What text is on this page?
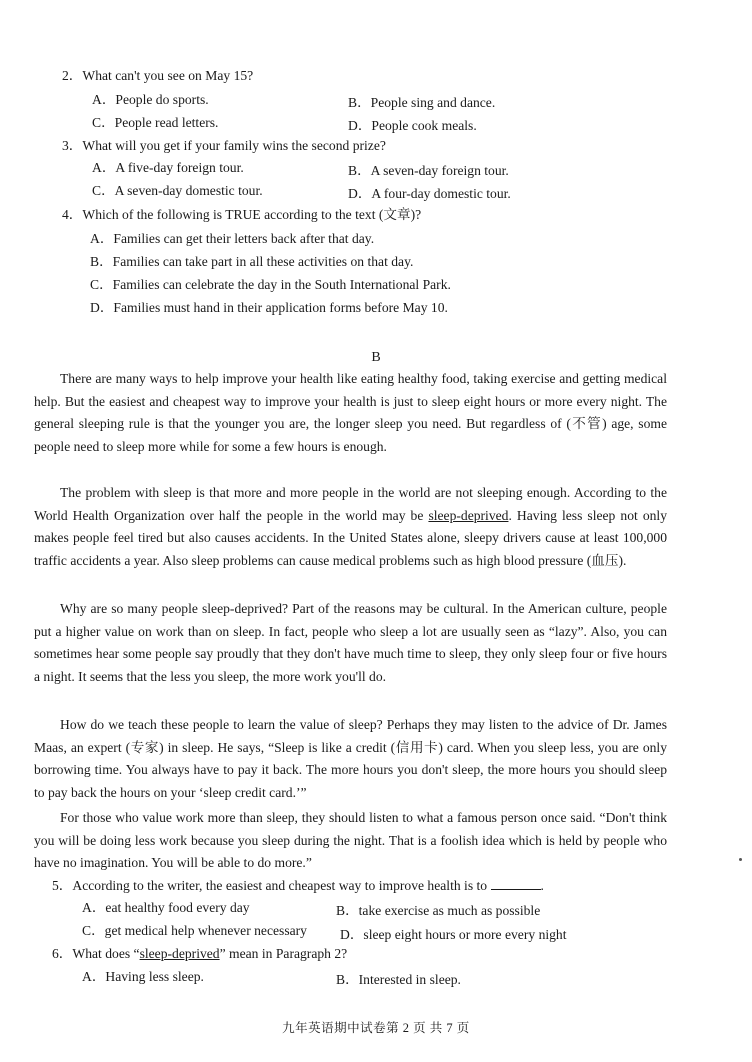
2．What can't you see on May 15?
A．People do sports.	B．People sing and dance.
C．People read letters.	D．People cook meals.
3．What will you get if your family wins the second prize?
A．A five-day foreign tour.	B．A seven-day foreign tour.
C．A seven-day domestic tour.	D．A four-day domestic tour.
4．Which of the following is TRUE according to the text (文章)?
A．Families can get their letters back after that day.
B．Families can take part in all these activities on that day.
C．Families can celebrate the day in the South International Park.
D．Families must hand in their application forms before May 10.
B

There are many ways to help improve your health like eating healthy food, taking exercise and getting medical help. But the easiest and cheapest way to improve your health is just to sleep eight hours or more every night. The general sleeping rule is that the younger you are, the longer sleep you need. But regardless of (不管) age, some people need to sleep more while for some a few hours is enough.

The problem with sleep is that more and more people in the world are not sleeping enough. According to the World Health Organization over half the people in the world may be sleep-deprived. Having less sleep not only makes people feel tired but also causes accidents. In the United States alone, sleepy drivers cause at least 100,000 traffic accidents a year. Also sleep problems can cause medical problems such as high blood pressure (血压).

Why are so many people sleep-deprived? Part of the reasons may be cultural. In the American culture, people put a higher value on work than on sleep. In fact, people who sleep a lot are usually seen as “lazy”. Also, you can sometimes hear some people say proudly that they don't have much time to sleep, they only sleep four or five hours a night. It seems that the less you sleep, the more work you'll do.

How do we teach these people to learn the value of sleep? Perhaps they may listen to the advice of Dr. James Maas, an expert (专家) in sleep. He says, “Sleep is like a credit (信用卡) card. When you sleep less, you are only borrowing time. You always have to pay it back. The more hours you don't sleep, the more hours you should sleep to pay back the hours on your ‘sleep credit card.’”

For those who value work more than sleep, they should listen to what a famous person once said. “Don't think you will be doing less work because you sleep during the night. That is a foolish idea which is held by people who have no imagination. You will be able to do more.”

5．According to the writer, the easiest and cheapest way to improve health is to	.
A．eat healthy food every day	B．take exercise as much as possible
C．get medical help whenever necessary D．sleep eight hours or more every night
6．What does “sleep-deprived” mean in Paragraph 2?
A．Having less sleep.	B．Interested in sleep.
九年英语期中试卷第 2 页 共 7 页
